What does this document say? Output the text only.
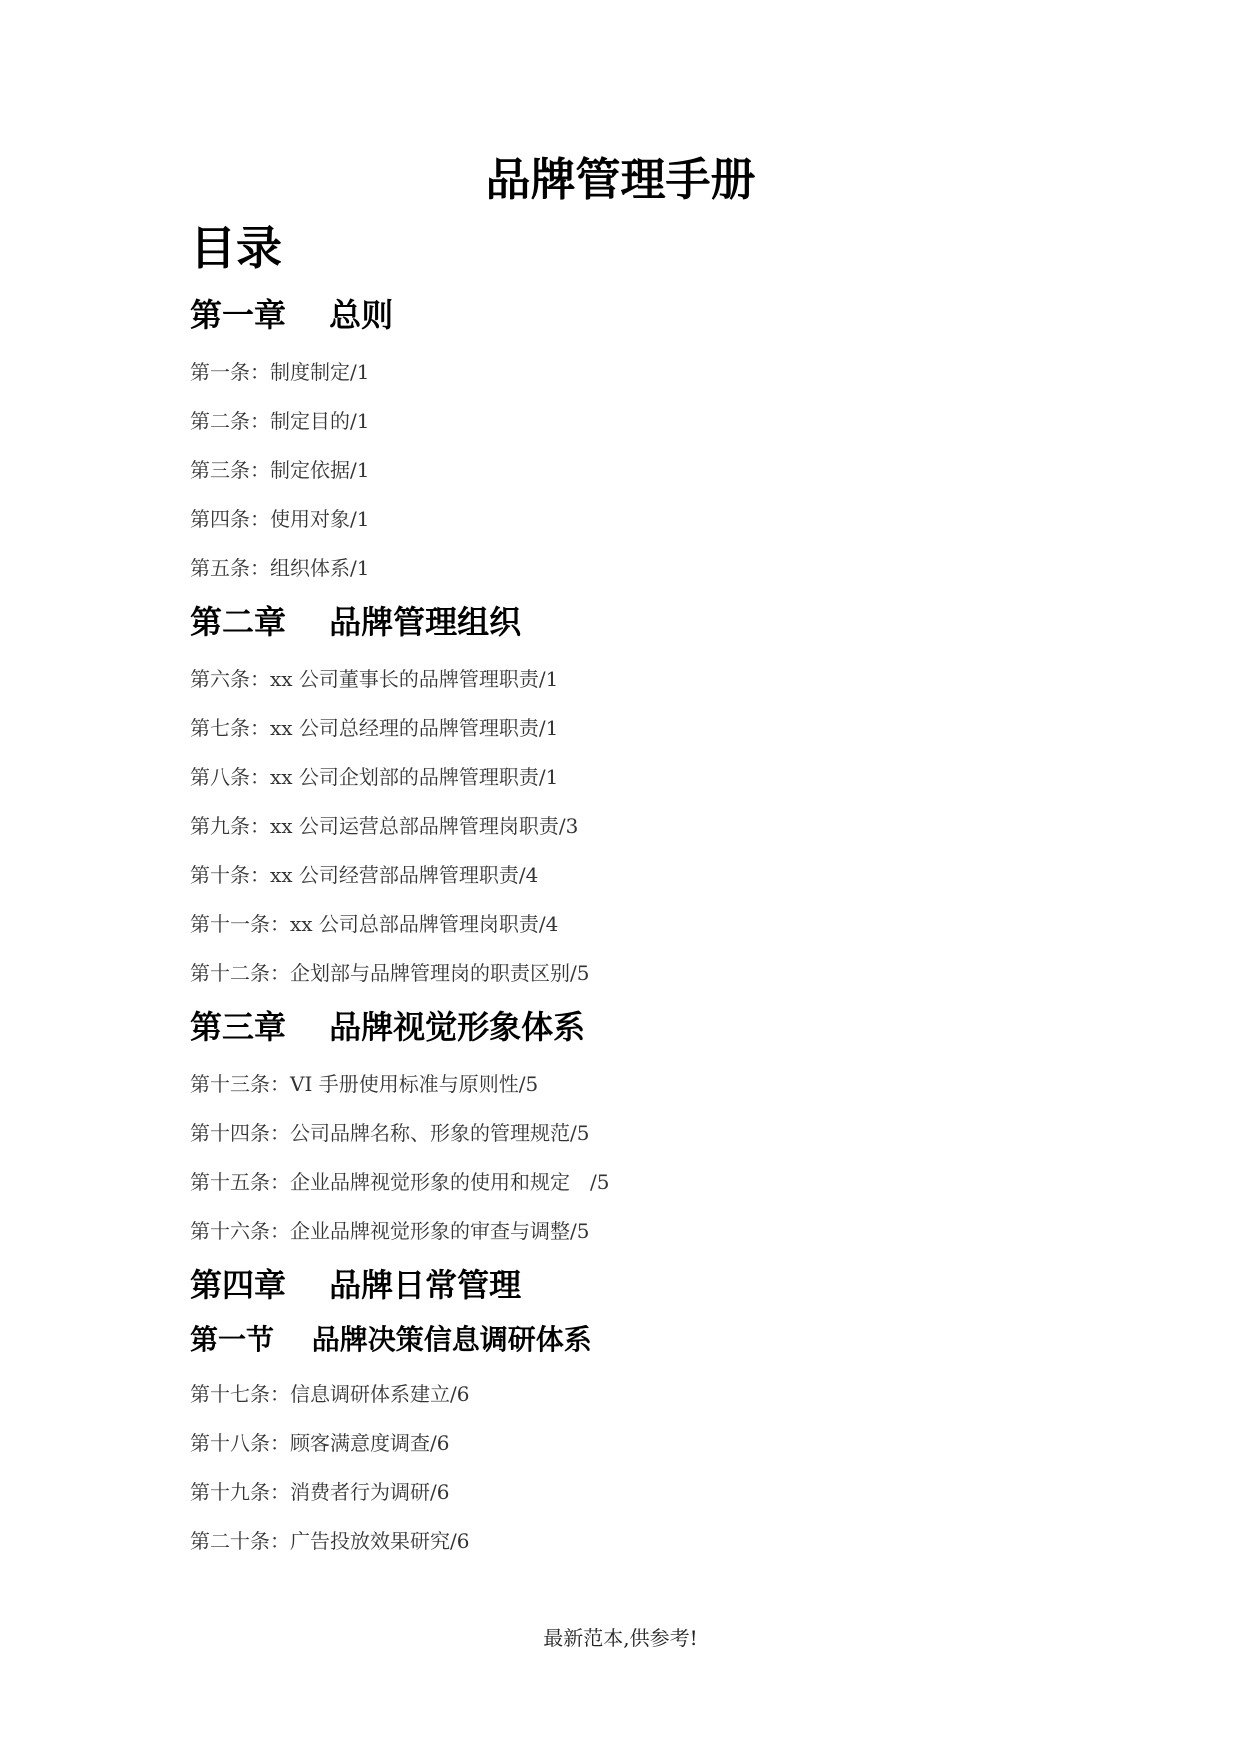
品牌管理手册
目录
第一章　 总则
第一条：制度制定/1
第二条：制定目的/1
第三条：制定依据/1
第四条：使用对象/1
第五条：组织体系/1
第二章　 品牌管理组织
第六条：xx 公司董事长的品牌管理职责/1
第七条：xx 公司总经理的品牌管理职责/1
第八条：xx 公司企划部的品牌管理职责/1
第九条：xx 公司运营总部品牌管理岗职责/3
第十条：xx 公司经营部品牌管理职责/4
第十一条：xx 公司总部品牌管理岗职责/4
第十二条：企划部与品牌管理岗的职责区别/5
第三章　 品牌视觉形象体系
第十三条：VI 手册使用标准与原则性/5
第十四条：公司品牌名称、形象的管理规范/5
第十五条：企业品牌视觉形象的使用和规定　/5
第十六条：企业品牌视觉形象的审查与调整/5
第四章　 品牌日常管理
第一节　 品牌决策信息调研体系
第十七条：信息调研体系建立/6
第十八条：顾客满意度调查/6
第十九条：消费者行为调研/6
第二十条：广告投放效果研究/6
最新范本,供参考!
